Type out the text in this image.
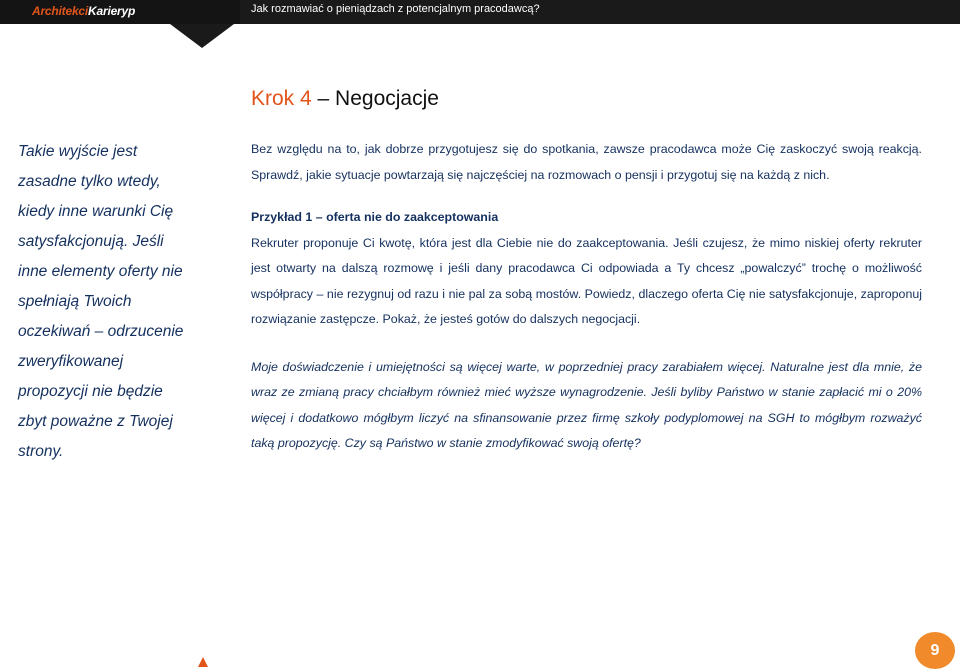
ArchitekciKarieryp	Jak rozmawiać o pieniądzach z potencjalnym pracodawcą?
Krok 4 – Negocjacje

Takie wyjście jest zasadne tylko wtedy, kiedy inne warunki Cię satysfakcjonują. Jeśli inne elementy oferty nie spełniają Twoich oczekiwań – odrzucenie zweryfikowanej propozycji nie będzie zbyt poważne z Twojej strony.

Bez względu na to, jak dobrze przygotujesz się do spotkania, zawsze pracodawca może Cię zaskoczyć swoją reakcją. Sprawdź, jakie sytuacje powtarzają się najczęściej na rozmowach o pensji i przygotuj się na każdą z nich.

Przykład 1 – oferta nie do zaakceptowania

Rekruter proponuje Ci kwotę, która jest dla Ciebie nie do zaakceptowania. Jeśli czujesz, że mimo niskiej oferty rekruter jest otwarty na dalszą rozmowę i jeśli dany pracodawca Ci odpowiada a Ty chcesz „powalczyć” trochę o możliwość współpracy – nie rezygnuj od razu i nie pal za sobą mostów. Powiedz, dlaczego oferta Cię nie satysfakcjonuje, zaproponuj rozwiązanie zastępcze. Pokaż, że jesteś gotów do dalszych negocjacji.

Moje doświadczenie i umiejętności są więcej warte, w poprzedniej pracy zarabiałem więcej. Naturalne jest dla mnie, że wraz ze zmianą pracy chciałbym również mieć wyższe wynagrodzenie. Jeśli byliby Państwo w stanie zapłacić mi o 20% więcej i dodatkowo mógłbym liczyć na sfinansowanie przez firmę szkoły podyplomowej na SGH to mógłbym rozważyć taką propozycję. Czy są Państwo w stanie zmodyfikować swoją ofertę?

9
